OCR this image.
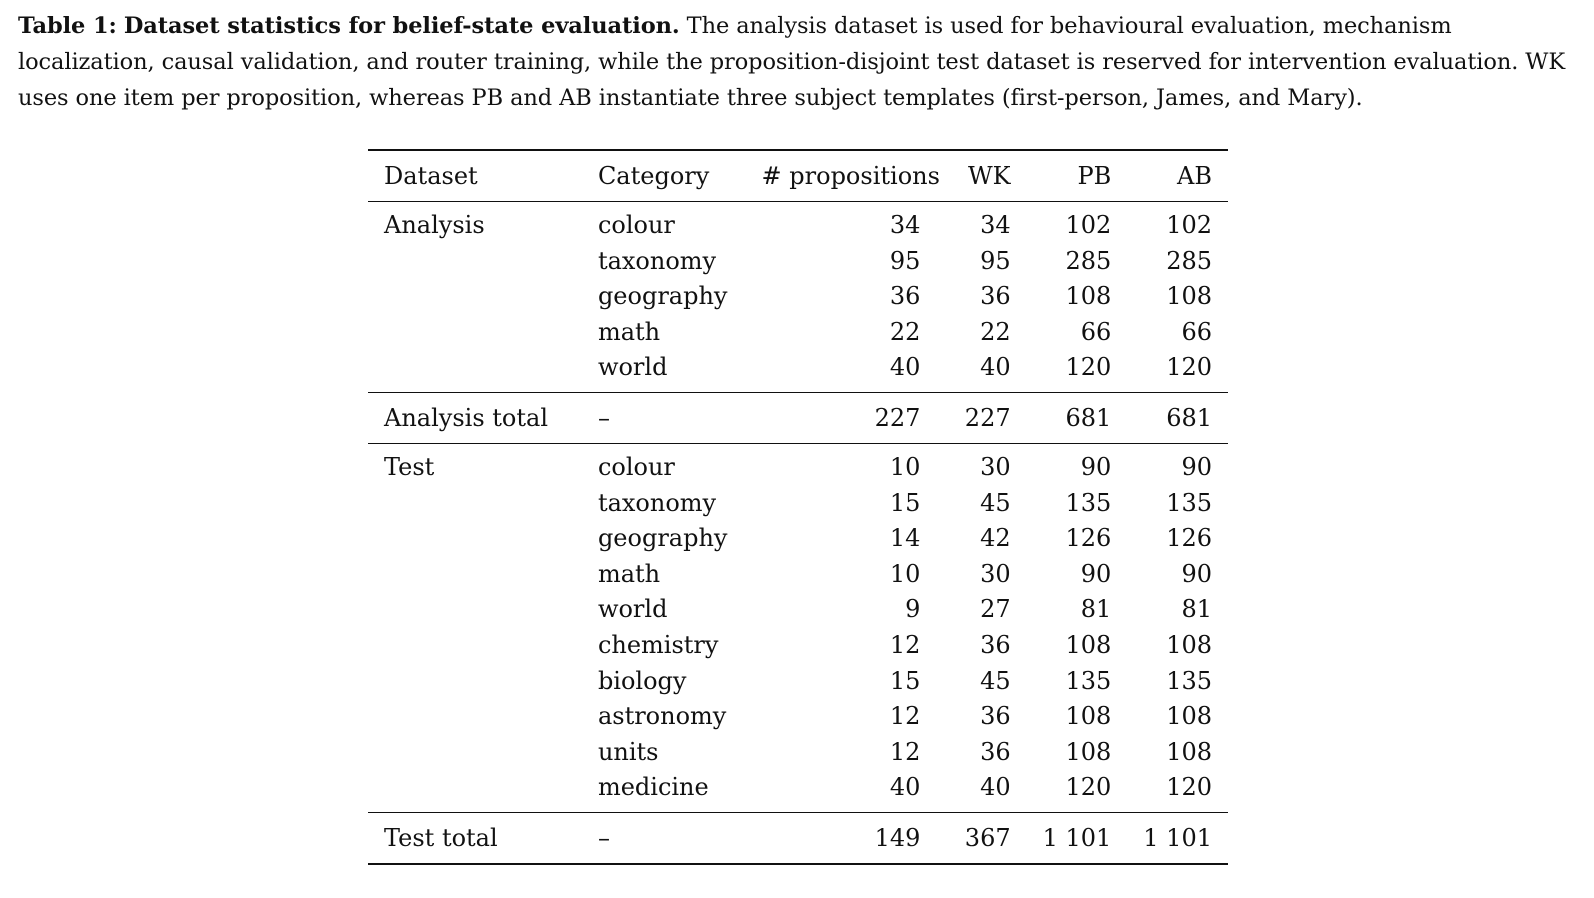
Table 1: Dataset statistics for belief-state evaluation. The analysis dataset is used for behavioural evaluation, mechanism localization, causal validation, and router training, while the proposition-disjoint test dataset is reserved for intervention evaluation. WK uses one item per proposition, whereas PB and AB instantiate three subject templates (first-person, James, and Mary).
Dataset	Category	# propositions	WK	PB	AB
Analysis	colour	34	34	102	102
	taxonomy	95	95	285	285
	geography	36	36	108	108
	math	22	22	66	66
	world	40	40	120	120
Analysis total	–	227	227	681	681
Test	colour	10	30	90	90
	taxonomy	15	45	135	135
	geography	14	42	126	126
	math	10	30	90	90
	world	9	27	81	81
	chemistry	12	36	108	108
	biology	15	45	135	135
	astronomy	12	36	108	108
	units	12	36	108	108
	medicine	40	40	120	120
Test total	–	149	367	1 101	1 101
